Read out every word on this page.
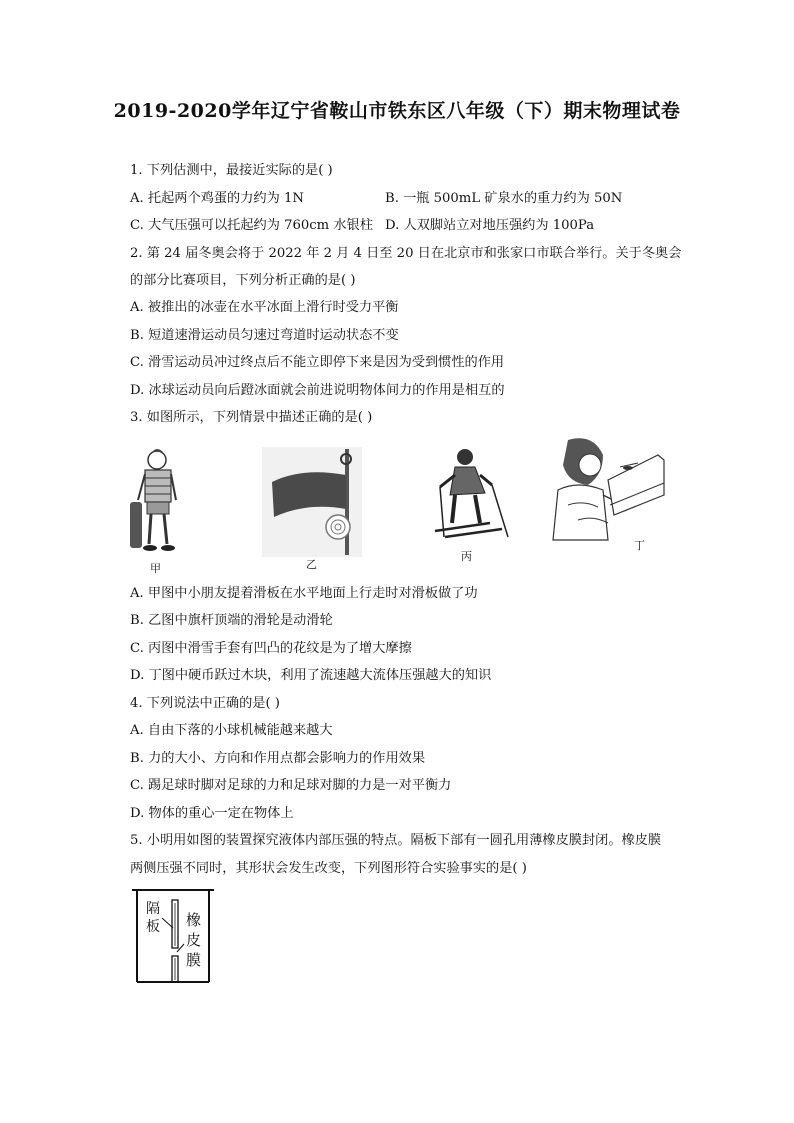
2019-2020学年辽宁省鞍山市铁东区八年级（下）期末物理试卷
1. 下列估测中，最接近实际的是( )
A. 托起两个鸡蛋的力约为 1N	B. 一瓶 500mL 矿泉水的重力约为 50N
C. 大气压强可以托起约为 760cm 水银柱 D. 人双脚站立对地压强约为 100Pa
2. 第 24 届冬奥会将于 2022 年 2 月 4 日至 20 日在北京市和张家口市联合举行。关于冬奥会
的部分比赛项目，下列分析正确的是( )
A. 被推出的冰壶在水平冰面上滑行时受力平衡
B. 短道速滑运动员匀速过弯道时运动状态不变
C. 滑雪运动员冲过终点后不能立即停下来是因为受到惯性的作用
D. 冰球运动员向后蹬冰面就会前进说明物体间力的作用是相互的
3. 如图所示，下列情景中描述正确的是( )
甲	乙
丙
丁
A. 甲图中小朋友提着滑板在水平地面上行走时对滑板做了功
B. 乙图中旗杆顶端的滑轮是动滑轮
C. 丙图中滑雪手套有凹凸的花纹是为了增大摩擦
D. 丁图中硬币跃过木块，利用了流速越大流体压强越大的知识
4. 下列说法中正确的是( )
A. 自由下落的小球机械能越来越大
B. 力的大小、方向和作用点都会影响力的作用效果
C. 踢足球时脚对足球的力和足球对脚的力是一对平衡力
D. 物体的重心一定在物体上
5. 小明用如图的装置探究液体内部压强的特点。隔板下部有一圆孔用薄橡皮膜封闭。橡皮膜
两侧压强不同时，其形状会发生改变，下列图形符合实验事实的是( )
隔
板 橡
皮
膜
